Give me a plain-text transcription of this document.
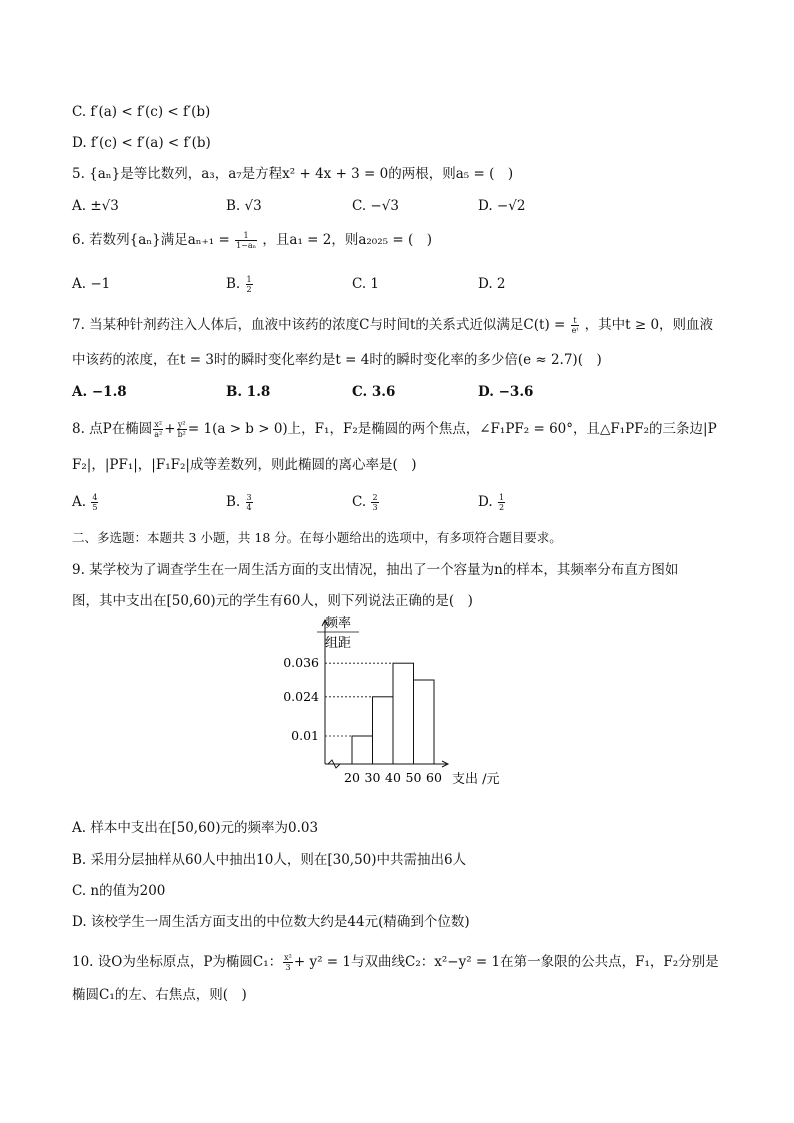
C. f′(a) < f′(c) < f′(b)
D. f′(c) < f′(a) < f′(b)
5. {aₙ}是等比数列，a₃，a₇是方程x² + 4x + 3 = 0的两根，则a₅ = (　)
A. ±√3	B. √3	C. −√3	D. −√2
6. 若数列{aₙ}满足$a_{n+1} = \frac{1}{\text{1−aₙ}}$ ，且a₁ = 2，则a₂₀₂₅ = (　)
A. −1	B. $\frac{1}{2}$	C. 1	D. 2
7. 当某种针剂药注入人体后，血液中该药的浓度C与时间t的关系式近似满足$C(t) = \frac{t}{\text{eᵗ}}$ ，其中t ≥ 0，则血液
中该药的浓度，在t = 3时的瞬时变化率约是t = 4时的瞬时变化率的多少倍(e ≈ 2.7)(　)
A. −1.8	B. 1.8	C. 3.6	D. −3.6
8. 点P在椭圆 $\frac{\text{x²}}{\text{a²}} + \frac{\text{y²}}{\text{b²}} = 1(a > b > 0)$上，F₁，F₂是椭圆的两个焦点，∠F₁PF₂ = 60°，且△F₁PF₂的三条边|P
F₂|，|PF₁|，|F₁F₂|成等差数列，则此椭圆的离心率是(　)
A. $\frac{4}{5}$	B. $\frac{3}{4}$	C. $\frac{2}{3}$	D. $\frac{1}{2}$
二、多选题：本题共 3 小题，共 18 分。在每小题给出的选项中，有多项符合题目要求。
9. 某学校为了调查学生在一周生活方面的支出情况，抽出了一个容量为n的样本，其频率分布直方图如
图，其中支出在[50,60)元的学生有60人，则下列说法正确的是(　)
频率
组距
0.036
0.024
0.01
20 30 40 50 60 支出 /元
A. 样本中支出在[50,60)元的频率为0.03
B. 采用分层抽样从60人中抽出10人，则在[30,50)中共需抽出6人
C. n的值为200
D. 该校学生一周生活方面支出的中位数大约是44元(精确到个位数)
10. 设O为坐标原点，P为椭圆C₁： $\frac{\text{x²}}{3} + y^2 = 1$与双曲线C₂：x²−y² = 1在第一象限的公共点，F₁，F₂分别是
椭圆C₁的左、右焦点，则(　)
